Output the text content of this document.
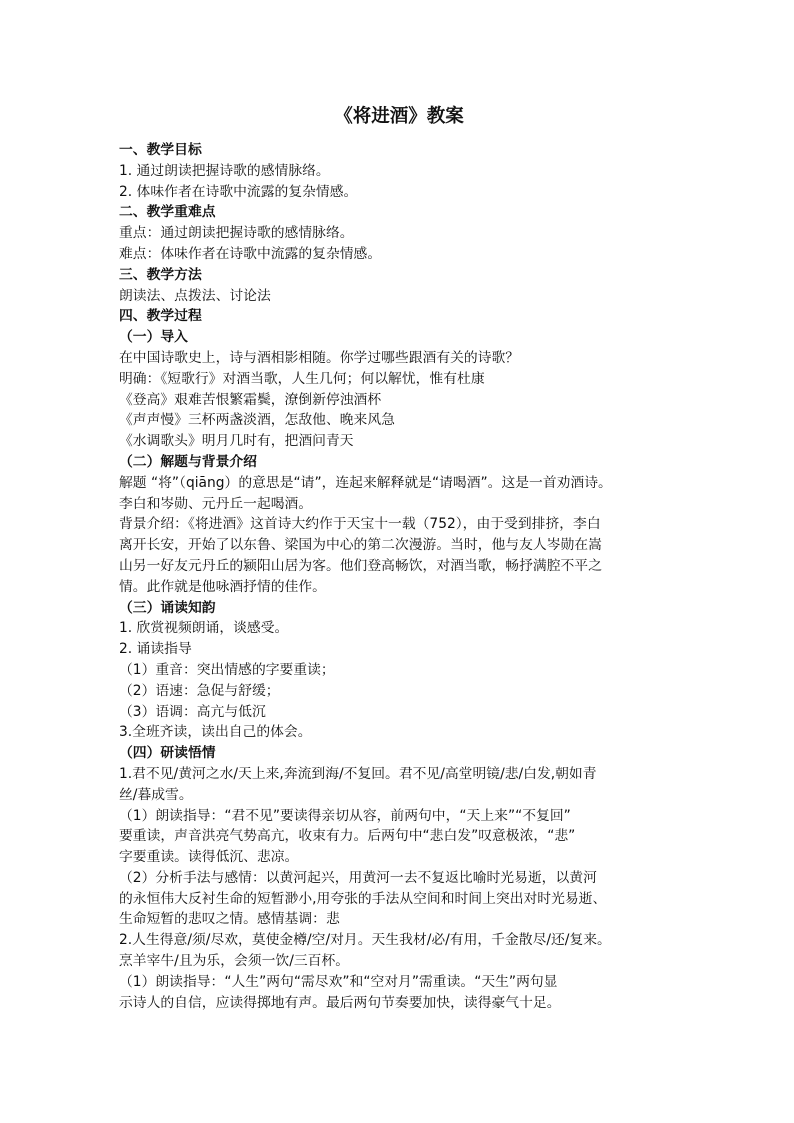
《将进酒》教案
一、教学目标
1. 通过朗读把握诗歌的感情脉络。
2. 体味作者在诗歌中流露的复杂情感。
二、教学重难点
重点：通过朗读把握诗歌的感情脉络。
难点：体味作者在诗歌中流露的复杂情感。
三、教学方法
朗读法、点拨法、讨论法
四、教学过程
（一）导入
在中国诗歌史上，诗与酒相影相随。你学过哪些跟酒有关的诗歌？
明确：《短歌行》对酒当歌，人生几何；何以解忧，惟有杜康
《登高》艰难苦恨繁霜鬓，潦倒新停浊酒杯
《声声慢》三杯两盏淡酒，怎敌他、晚来风急
《水调歌头》明月几时有，把酒问青天
（二）解题与背景介绍
解题 “将”（qiāng）的意思是“请”，连起来解释就是“请喝酒”。这是一首劝酒诗。
李白和岑勋、元丹丘一起喝酒。
背景介绍：《将进酒》这首诗大约作于天宝十一载（752），由于受到排挤，李白
离开长安，开始了以东鲁、梁国为中心的第二次漫游。当时，他与友人岑勋在嵩
山另一好友元丹丘的颍阳山居为客。他们登高畅饮，对酒当歌，畅抒满腔不平之
情。此作就是他咏酒抒情的佳作。
（三）诵读知韵
1. 欣赏视频朗诵，谈感受。
2. 诵读指导
（1）重音：突出情感的字要重读；
（2）语速：急促与舒缓；
（3）语调：高亢与低沉
3.全班齐读，读出自己的体会。
（四）研读悟情
1.君不见/黄河之水/天上来,奔流到海/不复回。君不见/高堂明镜/悲/白发,朝如青
丝/暮成雪。
（1）朗读指导：“君不见”要读得亲切从容，前两句中，“天上来”“不复回”
要重读，声音洪亮气势高亢，收束有力。后两句中“悲白发”叹意极浓，“悲”
字要重读。读得低沉、悲凉。
（2）分析手法与感情：以黄河起兴，用黄河一去不复返比喻时光易逝，以黄河
的永恒伟大反衬生命的短暂渺小,用夸张的手法从空间和时间上突出对时光易逝、
生命短暂的悲叹之情。感情基调：悲
2.人生得意/须/尽欢，莫使金樽/空/对月。天生我材/必/有用，千金散尽/还/复来。
烹羊宰牛/且为乐，会须一饮/三百杯。
（1）朗读指导：“人生”两句“需尽欢”和“空对月”需重读。“天生”两句显
示诗人的自信，应读得掷地有声。最后两句节奏要加快，读得豪气十足。
